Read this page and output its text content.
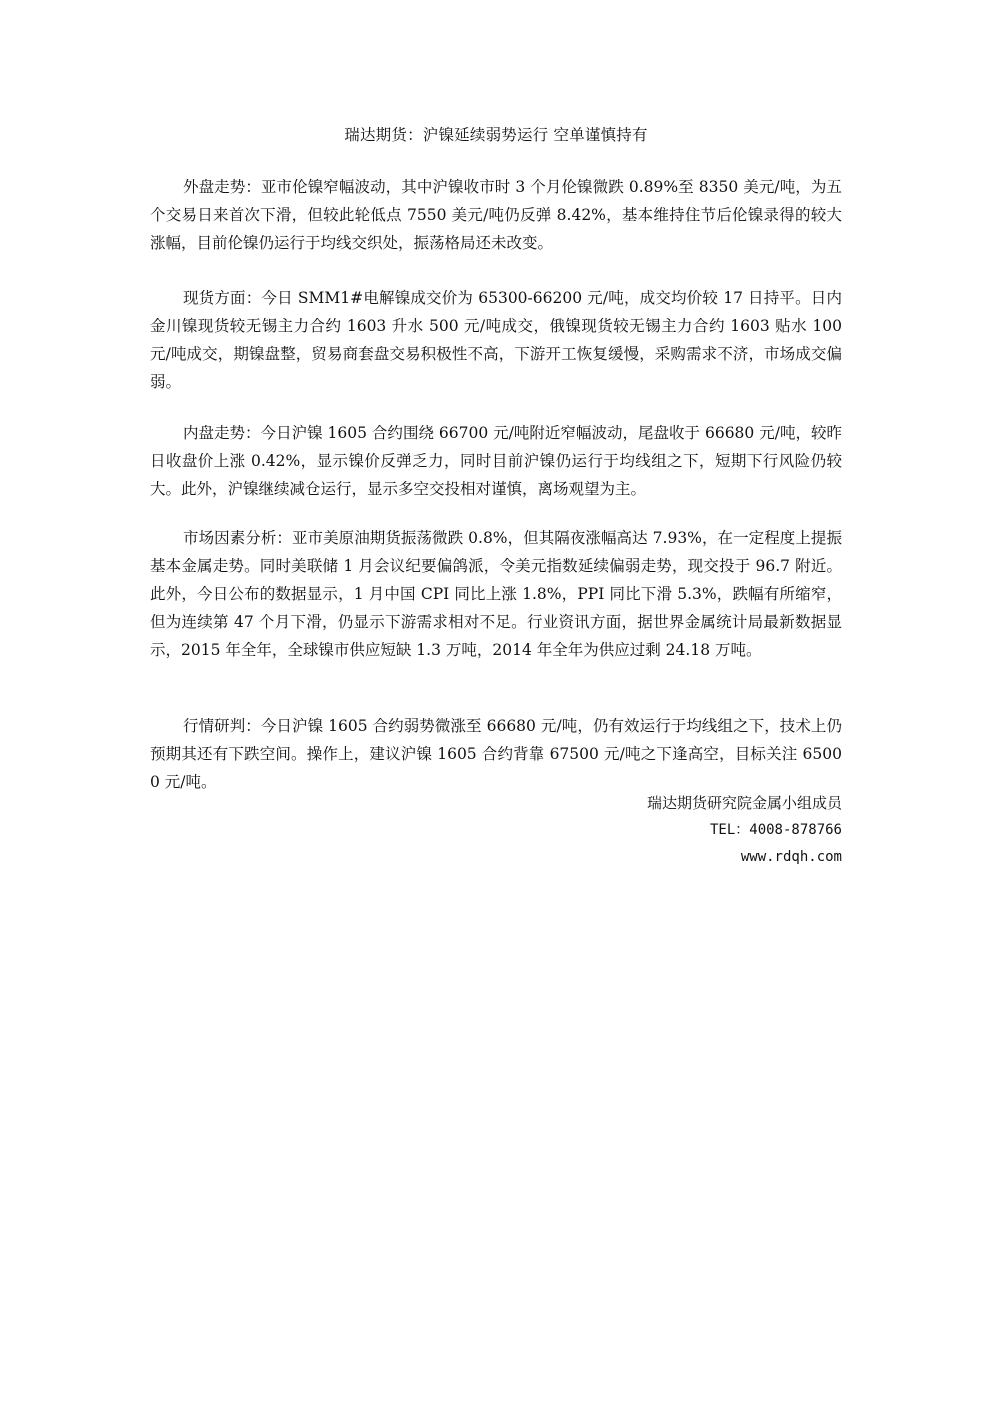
瑞达期货：沪镍延续弱势运行 空单谨慎持有

外盘走势：亚市伦镍窄幅波动，其中沪镍收市时 3 个月伦镍微跌 0.89%至 8350 美元/吨，为五个交易日来首次下滑，但较此轮低点 7550 美元/吨仍反弹 8.42%，基本维持住节后伦镍录得的较大涨幅，目前伦镍仍运行于均线交织处，振荡格局还未改变。

现货方面：今日 SMM1#电解镍成交价为 65300-66200 元/吨，成交均价较 17 日持平。日内金川镍现货较无锡主力合约 1603 升水 500 元/吨成交，俄镍现货较无锡主力合约 1603 贴水 100 元/吨成交，期镍盘整，贸易商套盘交易积极性不高，下游开工恢复缓慢，采购需求不济，市场成交偏弱。

内盘走势：今日沪镍 1605 合约围绕 66700 元/吨附近窄幅波动，尾盘收于 66680 元/吨，较昨日收盘价上涨 0.42%，显示镍价反弹乏力，同时目前沪镍仍运行于均线组之下，短期下行风险仍较大。此外，沪镍继续减仓运行，显示多空交投相对谨慎，离场观望为主。

市场因素分析：亚市美原油期货振荡微跌 0.8%，但其隔夜涨幅高达 7.93%，在一定程度上提振基本金属走势。同时美联储 1 月会议纪要偏鸽派，令美元指数延续偏弱走势，现交投于 96.7 附近。此外，今日公布的数据显示，1 月中国 CPI 同比上涨 1.8%，PPI 同比下滑 5.3%，跌幅有所缩窄，但为连续第 47 个月下滑，仍显示下游需求相对不足。行业资讯方面，据世界金属统计局最新数据显示，2015 年全年，全球镍市供应短缺 1.3 万吨，2014 年全年为供应过剩 24.18 万吨。

行情研判：今日沪镍 1605 合约弱势微涨至 66680 元/吨，仍有效运行于均线组之下，技术上仍预期其还有下跌空间。操作上，建议沪镍 1605 合约背靠 67500 元/吨之下逢高空，目标关注 65000 元/吨。

瑞达期货研究院金属小组成员
TEL：4008-878766
www.rdqh.com
